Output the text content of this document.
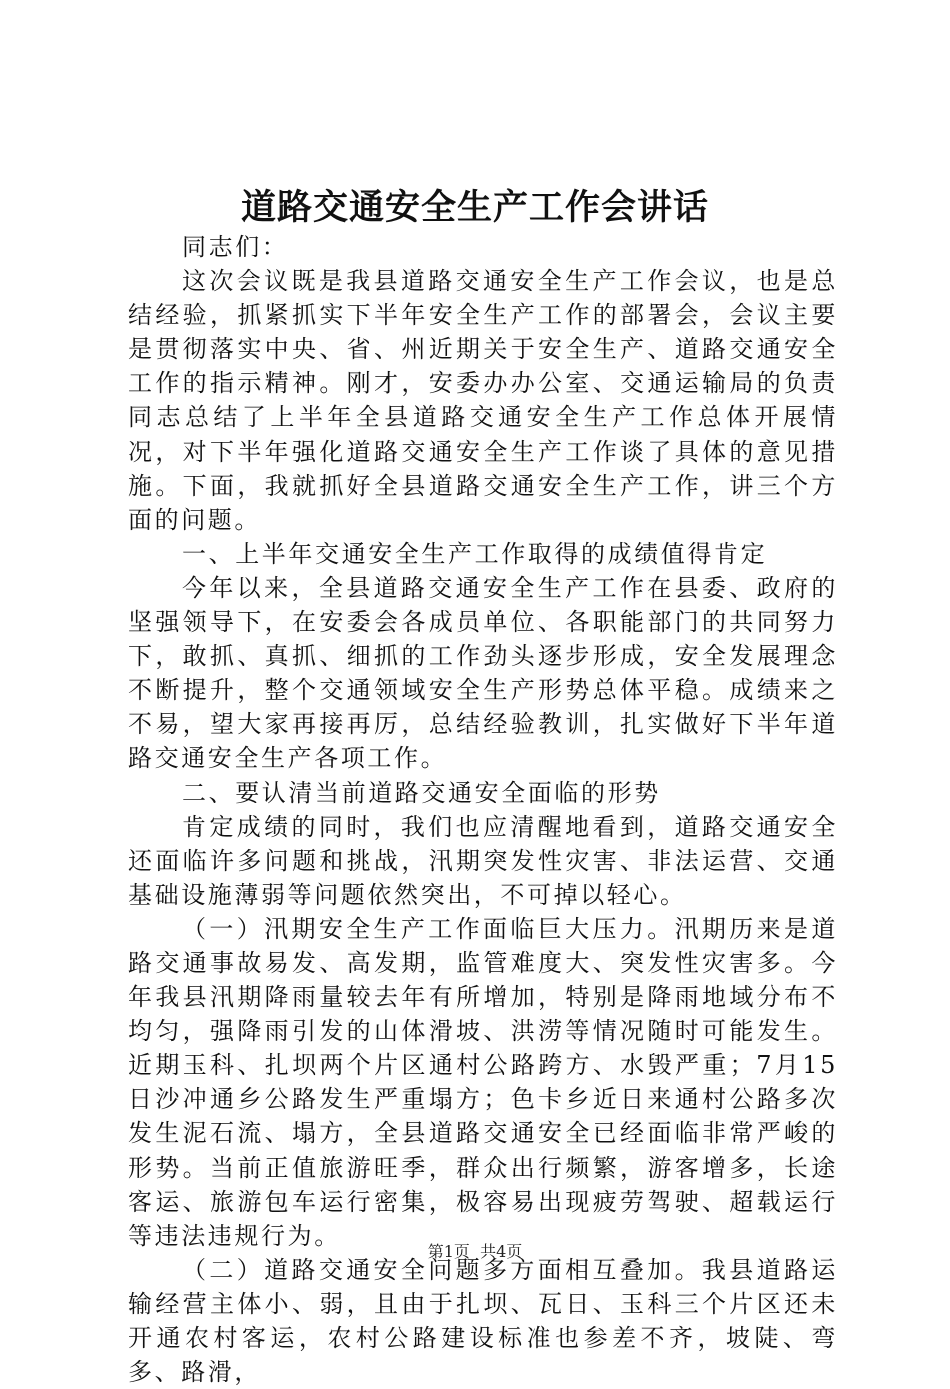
道路交通安全生产工作会讲话

同志们：

这次会议既是我县道路交通安全生产工作会议，也是总结经验，抓紧抓实下半年安全生产工作的部署会，会议主要是贯彻落实中央、省、州近期关于安全生产、道路交通安全工作的指示精神。刚才，安委办办公室、交通运输局的负责同志总结了上半年全县道路交通安全生产工作总体开展情况，对下半年强化道路交通安全生产工作谈了具体的意见措施。下面，我就抓好全县道路交通安全生产工作，讲三个方面的问题。

一、上半年交通安全生产工作取得的成绩值得肯定

今年以来，全县道路交通安全生产工作在县委、政府的坚强领导下，在安委会各成员单位、各职能部门的共同努力下，敢抓、真抓、细抓的工作劲头逐步形成，安全发展理念不断提升，整个交通领域安全生产形势总体平稳。成绩来之不易，望大家再接再厉，总结经验教训，扎实做好下半年道路交通安全生产各项工作。

二、要认清当前道路交通安全面临的形势

肯定成绩的同时，我们也应清醒地看到，道路交通安全还面临许多问题和挑战，汛期突发性灾害、非法运营、交通基础设施薄弱等问题依然突出，不可掉以轻心。

（一）汛期安全生产工作面临巨大压力。汛期历来是道路交通事故易发、高发期，监管难度大、突发性灾害多。今年我县汛期降雨量较去年有所增加，特别是降雨地域分布不均匀，强降雨引发的山体滑坡、洪涝等情况随时可能发生。近期玉科、扎坝两个片区通村公路跨方、水毁严重；7月15日沙冲通乡公路发生严重塌方；色卡乡近日来通村公路多次发生泥石流、塌方，全县道路交通安全已经面临非常严峻的形势。当前正值旅游旺季，群众出行频繁，游客增多，长途客运、旅游包车运行密集，极容易出现疲劳驾驶、超载运行等违法违规行为。

（二）道路交通安全问题多方面相互叠加。我县道路运输经营主体小、弱，且由于扎坝、瓦日、玉科三个片区还未开通农村客运，农村公路建设标准也参差不齐，坡陡、弯多、路滑，

第1页 共4页
